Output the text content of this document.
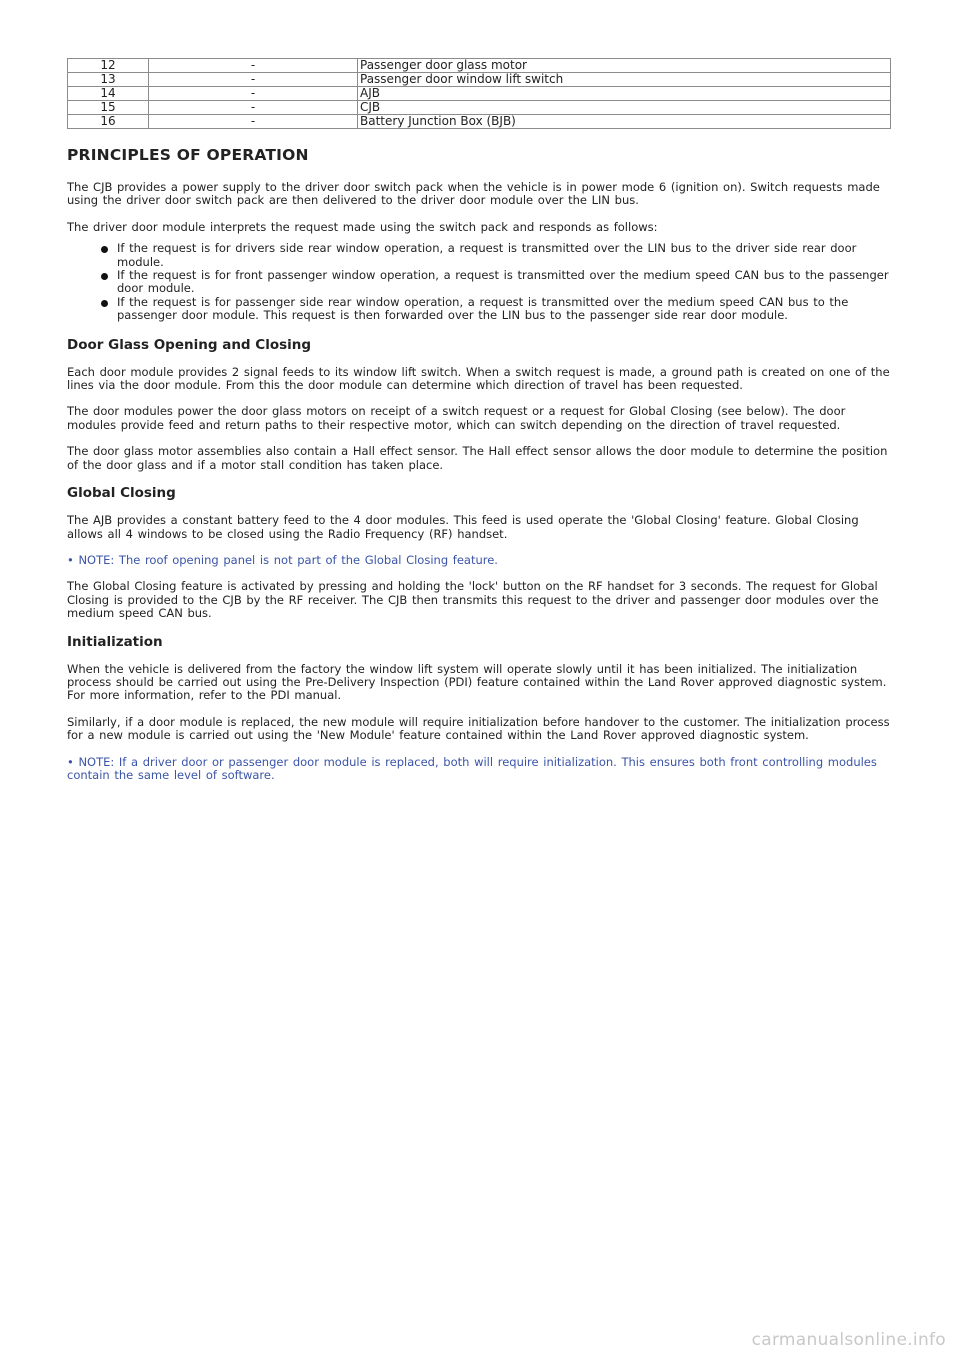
12	-	Passenger door glass motor
13	-	Passenger door window lift switch
14	-	AJB
15	-	CJB
16	-	Battery Junction Box (BJB)
PRINCIPLES OF OPERATION

The CJB provides a power supply to the driver door switch pack when the vehicle is in power mode 6 (ignition on). Switch requests made using the driver door switch pack are then delivered to the driver door module over the LIN bus.

The driver door module interprets the request made using the switch pack and responds as follows:

If the request is for drivers side rear window operation, a request is transmitted over the LIN bus to the driver side rear door module.
If the request is for front passenger window operation, a request is transmitted over the medium speed CAN bus to the passenger door module.
If the request is for passenger side rear window operation, a request is transmitted over the medium speed CAN bus to the passenger door module. This request is then forwarded over the LIN bus to the passenger side rear door module.
Door Glass Opening and Closing

Each door module provides 2 signal feeds to its window lift switch. When a switch request is made, a ground path is created on one of the lines via the door module. From this the door module can determine which direction of travel has been requested.

The door modules power the door glass motors on receipt of a switch request or a request for Global Closing (see below). The door modules provide feed and return paths to their respective motor, which can switch depending on the direction of travel requested.

The door glass motor assemblies also contain a Hall effect sensor. The Hall effect sensor allows the door module to determine the position of the door glass and if a motor stall condition has taken place.

Global Closing

The AJB provides a constant battery feed to the 4 door modules. This feed is used operate the 'Global Closing' feature. Global Closing allows all 4 windows to be closed using the Radio Frequency (RF) handset.

• NOTE: The roof opening panel is not part of the Global Closing feature.

The Global Closing feature is activated by pressing and holding the 'lock' button on the RF handset for 3 seconds. The request for Global Closing is provided to the CJB by the RF receiver. The CJB then transmits this request to the driver and passenger door modules over the medium speed CAN bus.

Initialization

When the vehicle is delivered from the factory the window lift system will operate slowly until it has been initialized. The initialization process should be carried out using the Pre-Delivery Inspection (PDI) feature contained within the Land Rover approved diagnostic system. For more information, refer to the PDI manual.

Similarly, if a door module is replaced, the new module will require initialization before handover to the customer. The initialization process for a new module is carried out using the 'New Module' feature contained within the Land Rover approved diagnostic system.

• NOTE: If a driver door or passenger door module is replaced, both will require initialization. This ensures both front controlling modules contain the same level of software.

carmanualsonline.info
